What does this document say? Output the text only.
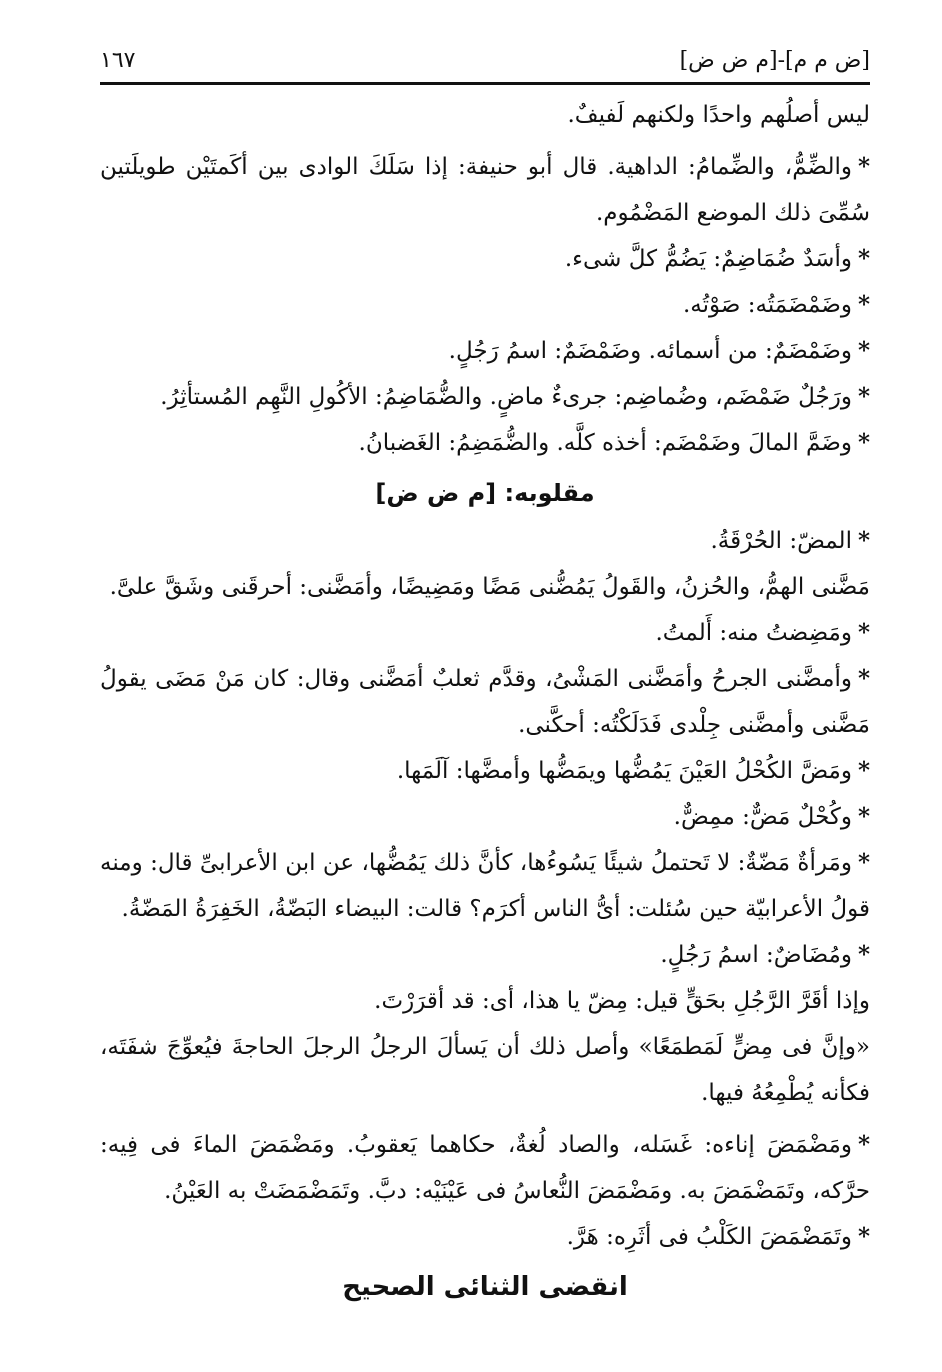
[ض م م]-[م ض ض]
١٦٧

ليس أصلُهم واحدًا ولكنهم لَفيفٌ.

*والضِّمُّ، والضِّمامُ: الداهية. قال أبو حنيفة: إذا سَلَكَ الوادى بين أكَمتَيْن طويلَتين سُمِّىَ ذلك الموضع المَضْمُوم.

*وأسَدٌ ضُمَاضِمٌ: يَضُمُّ كلَّ شىء.

*وضَمْضَمَتُه: صَوْتُه.

*وضَمْضَمٌ: من أسمائه. وضَمْضَمٌ: اسمُ رَجُلٍ.

*ورَجُلٌ ضَمْضَم، وضُماضِم: جرىءٌ ماضٍ. والضُّمَاضِمُ: الأكُولِ النَّهِم المُستأثِرُ.

*وضَمَّ المالَ وضَمْضَم: أخذه كلَّه. والضُّمَضِمُ: الغَضبانُ.

مقلوبه: [م ض ض]

*المضّ: الحُرْقَةُ.

مَضَّنى الهمُّ، والحُزنُ، والقَولُ يَمُضُّنى مَضًا ومَضِيضًا، وأمَضَّنى: أحرقَنى وشَقَّ علىَّ.

*ومَضِضتُ منه: أَلمتُ.

*وأمضَّنى الجرحُ وأمَضَّنى المَشْىُ، وقدَّم ثعلبٌ أمَضَّنى وقال: كان مَنْ مَضَى يقولُ مَضَّنى وأمضَّنى جِلْدى فَدَلَكْتُه: أحكَّنى.

*ومَضَّ الكُحْلُ العَيْنَ يَمُضُّها ويمَضُّها وأمضَّها: آلَمَها.

*وكُحْلٌ مَضٌّ: ممِضٌّ.

*ومَرأةٌ مَضّةٌ: لا تَحتملُ شيئًا يَسُوءُها، كأنَّ ذلك يَمُضُّها، عن ابن الأعرابىِّ قال: ومنه قولُ الأعرابيّة حين سُئلت: أىُّ الناس أكرَم؟ قالت: البيضاء البَضّةُ، الخَفِرَةُ المَضّةُ.

*ومُضَاضٌ: اسمُ رَجُلٍ.

وإذا أقَرَّ الرَّجُلِ بحَقٍّ قيل: مِضّ يا هذا، أى: قد أقرَرْتَ.

«وإنَّ فى مِضٍّ لَمَطمَعًا» وأصل ذلك أن يَسألَ الرجلُ الرجلَ الحاجةَ فيُعوِّجَ شفَتَه، فكأنه يُطْمِعُهُ فيها.

*ومَضْمَضَ إناءه: غَسَله، والصاد لُغةٌ، حكاهما يَعقوبُ. ومَضْمَضَ الماءَ فى فِيه: حرَّكه، وتَمَضْمَضَ به. ومَضْمَضَ النُّعاسُ فى عَيْنَيْه: دبَّ. وتَمَضْمَضَتْ به العَيْنُ.

*وتَمَضْمَضَ الكَلْبُ فى أثَرِه: هَرَّ.

انقضى الثنائى الصحيح
